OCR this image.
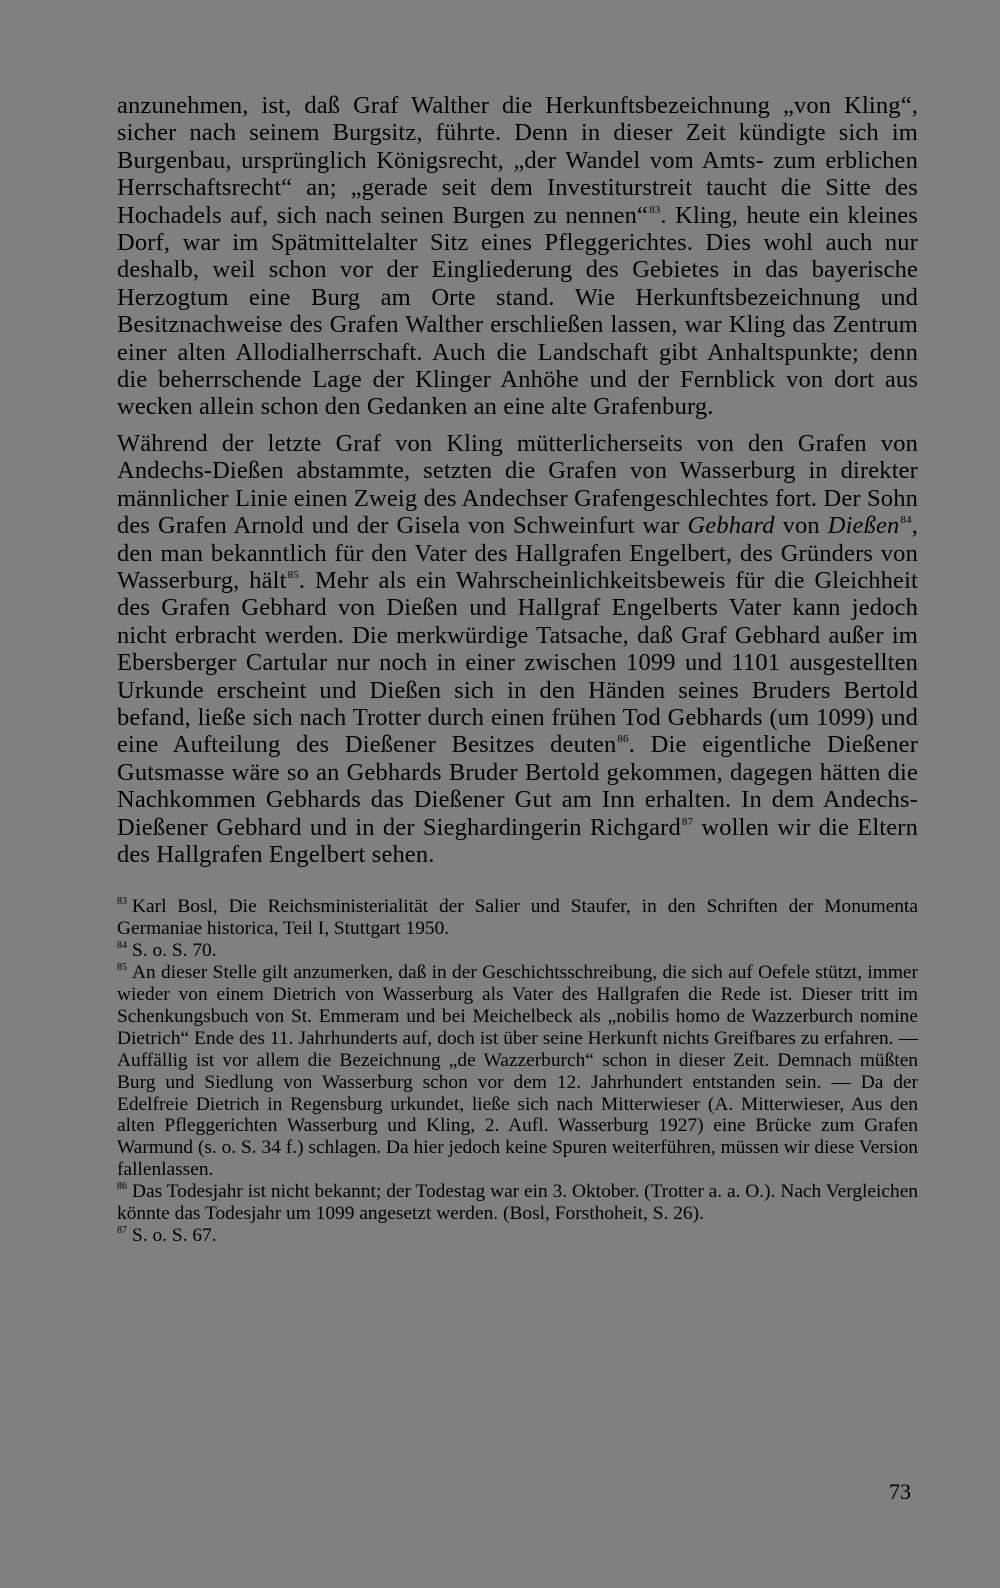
anzunehmen, ist, daß Graf Walther die Herkunftsbezeichnung „von Kling“, sicher nach seinem Burgsitz, führte. Denn in dieser Zeit kündigte sich im Burgenbau, ursprünglich Königsrecht, „der Wandel vom Amts- zum erblichen Herrschaftsrecht“ an; „gerade seit dem Investiturstreit taucht die Sitte des Hochadels auf, sich nach seinen Burgen zu nennen“$^{83}$. Kling, heute ein kleines Dorf, war im Spätmittelalter Sitz eines Pfleggerichtes. Dies wohl auch nur deshalb, weil schon vor der Eingliederung des Gebietes in das bayerische Herzogtum eine Burg am Orte stand. Wie Herkunftsbezeichnung und Besitznachweise des Grafen Walther erschließen lassen, war Kling das Zentrum einer alten Allodialherrschaft. Auch die Landschaft gibt Anhaltspunkte; denn die beherrschende Lage der Klinger Anhöhe und der Fernblick von dort aus wecken allein schon den Gedanken an eine alte Grafenburg.

Während der letzte Graf von Kling mütterlicherseits von den Grafen von Andechs-Dießen abstammte, setzten die Grafen von Wasserburg in direkter männlicher Linie einen Zweig des Andechser Grafengeschlechtes fort. Der Sohn des Grafen Arnold und der Gisela von Schweinfurt war Gebhard von Dießen$^{84}$, den man bekanntlich für den Vater des Hallgrafen Engelbert, des Gründers von Wasserburg, hält$^{85}$. Mehr als ein Wahrscheinlichkeitsbeweis für die Gleichheit des Grafen Gebhard von Dießen und Hallgraf Engelberts Vater kann jedoch nicht erbracht werden. Die merkwürdige Tatsache, daß Graf Gebhard außer im Ebersberger Cartular nur noch in einer zwischen 1099 und 1101 ausgestellten Urkunde erscheint und Dießen sich in den Händen seines Bruders Bertold befand, ließe sich nach Trotter durch einen frühen Tod Gebhards (um 1099) und eine Aufteilung des Dießener Besitzes deuten$^{86}$. Die eigentliche Dießener Gutsmasse wäre so an Gebhards Bruder Bertold gekommen, dagegen hätten die Nachkommen Gebhards das Dießener Gut am Inn erhalten. In dem Andechs-Dießener Gebhard und in der Sieghardingerin Richgard$^{87}$ wollen wir die Eltern des Hallgrafen Engelbert sehen.

$^{83}$ Karl Bosl, Die Reichsministerialität der Salier und Staufer, in den Schriften der Monumenta Germaniae historica, Teil I, Stuttgart 1950.

$^{84}$ S. o. S. 70.

$^{85}$ An dieser Stelle gilt anzumerken, daß in der Geschichtsschreibung, die sich auf Oefele stützt, immer wieder von einem Dietrich von Wasserburg als Vater des Hallgrafen die Rede ist. Dieser tritt im Schenkungsbuch von St. Emmeram und bei Meichelbeck als „nobilis homo de Wazzerburch nomine Dietrich“ Ende des 11. Jahrhunderts auf, doch ist über seine Herkunft nichts Greifbares zu erfahren. — Auffällig ist vor allem die Bezeichnung „de Wazzerburch“ schon in dieser Zeit. Demnach müßten Burg und Siedlung von Wasserburg schon vor dem 12. Jahrhundert entstanden sein. — Da der Edelfreie Dietrich in Regensburg urkundet, ließe sich nach Mitterwieser (A. Mitterwieser, Aus den alten Pfleggerichten Wasserburg und Kling, 2. Aufl. Wasserburg 1927) eine Brücke zum Grafen Warmund (s. o. S. 34 f.) schlagen. Da hier jedoch keine Spuren weiterführen, müssen wir diese Version fallenlassen.

$^{86}$ Das Todesjahr ist nicht bekannt; der Todestag war ein 3. Oktober. (Trotter a. a. O.). Nach Vergleichen könnte das Todesjahr um 1099 angesetzt werden. (Bosl, Forsthoheit, S. 26).

$^{87}$ S. o. S. 67.

73
